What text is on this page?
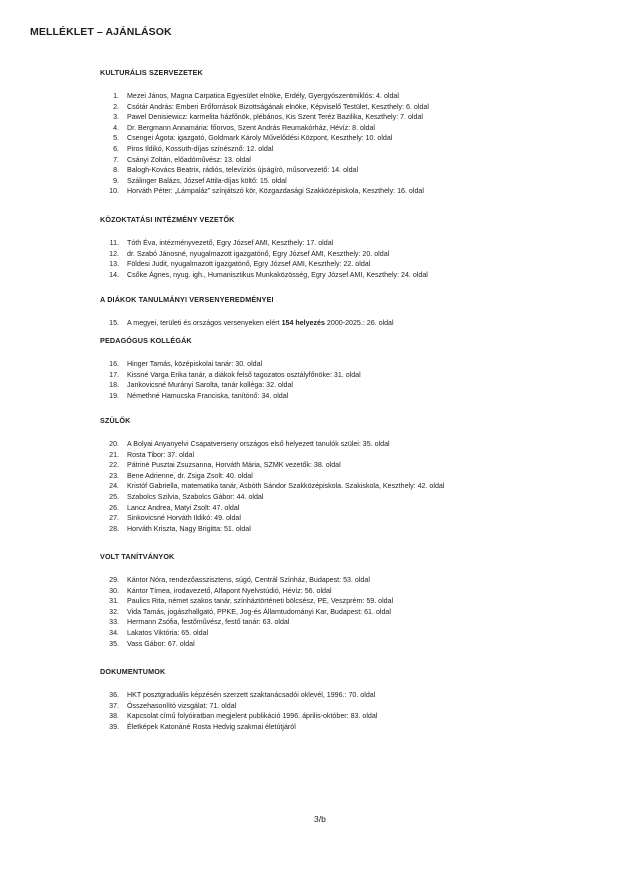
MELLÉKLET – AJÁNLÁSOK
KULTURÁLIS SZERVEZETEK
1.	Mezei János, Magna Carpatica Egyesület elnöke, Erdély, Gyergyószentmiklós: 4. oldal
2.	Csótár András: Emberi Erőforrások Bizottságának elnöke, Képviselő Testület, Keszthely: 6. oldal
3.	Pawel Denisiewicz: karmelita házfőnök, plébános, Kis Szent Teréz Bazilika, Keszthely: 7. oldal
4.	Dr. Bergmann Annamária: főorvos, Szent András Reumakórház, Hévíz: 8. oldal
5.	Csengei Ágota: igazgató, Goldmark Károly Művelődési Központ, Keszthely: 10. oldal
6.	Piros Ildikó, Kossuth-díjas színésznő: 12. oldal
7.	Csányi Zoltán, előadóművész: 13. oldal
8.	Balogh-Kovács Beatrix, rádiós, televíziós újságíró, műsorvezető: 14. oldal
9.	Szálinger Balázs, József Attila-díjas költő: 15. oldal
10.	Horváth Péter: „Lámpaláz” színjátszó kör, Közgazdasági Szakközépiskola, Keszthely: 16. oldal
KÖZOKTATÁSI INTÉZMÉNY VEZETŐK
11.	Tóth Éva, intézményvezető, Egry József AMI, Keszthely: 17. oldal
12.	dr. Szabó Jánosné, nyugalmazott igazgatónő, Egry József AMI, Keszthely: 20. oldal
13.	Földesi Judit, nyugalmazott igazgatónő, Egry József AMI, Keszthely: 22. oldal
14.	Csőke Ágnes, nyug. igh., Humanisztikus Munkaközösség, Egry József AMI, Keszthely: 24. oldal
A DIÁKOK TANULMÁNYI VERSENYEREDMÉNYEI
15.	A megyei, területi és országos versenyeken elért 154 helyezés 2000-2025.: 26. oldal
PEDAGÓGUS KOLLÉGÁK
16.	Hinger Tamás, középiskolai tanár: 30. oldal
17.	Kissné Varga Erika tanár, a diákok felső tagozatos osztályfőnöke: 31. oldal
18.	Jankovicsné Murányi Sarolta, tanár kolléga: 32. oldal
19.	Némethné Hamucska Franciska, tanítónő: 34. oldal
SZÜLŐK
20.	A Bolyai Anyanyelvi Csapatverseny országos első helyezett tanulók szülei: 35. oldal
21.	Rosta Tibor: 37. oldal
22.	Pátriné Pusztai Zsuzsanna, Horváth Mária, SZMK vezetők: 38. oldal
23.	Bene Adrienne, dr. Zsiga Zsolt: 40. oldal
24.	Kristóf Gabriella, matematika tanár, Asbóth Sándor Szakközépiskola. Szakiskola, Keszthely: 42. oldal
25.	Szabolcs Szilvia, Szabolcs Gábor: 44. oldal
26.	Lancz Andrea, Matyi Zsolt: 47. oldal
27.	Sinkovicsné Horváth Ildikó: 49. oldal
28.	Horváth Kriszta, Nagy Brigitta: 51. oldal
VOLT TANÍTVÁNYOK
29.	Kántor Nóra, rendezőasszisztens, súgó, Centrál Színház, Budapest: 53. oldal
30.	Kántor Tímea, irodavezető, Alfapont Nyelvstúdió, Hévíz: 56. oldal
31.	Paulics Rita, német szakos tanár, színháztörténeti bölcsész, PE, Veszprém: 59. oldal
32.	Vida Tamás, jogászhallgató, PPKE, Jog-és Államtudományi Kar, Budapest: 61. oldal
33.	Hermann Zsófia, festőművész, festő tanár: 63. oldal
34.	Lakatos Viktória: 65. oldal
35.	Vass Gábor: 67. oldal
DOKUMENTUMOK
36.	HKT posztgraduális képzésén szerzett szaktanácsadói oklevél, 1996.: 70. oldal
37.	Összehasonlító vizsgálat: 71. oldal
38.	Kapcsolat című folyóiratban megjelent publikáció 1996. április-október: 83. oldal
39.	Életképek Katonáné Rosta Hedvig szakmai életútjáról
3/b
